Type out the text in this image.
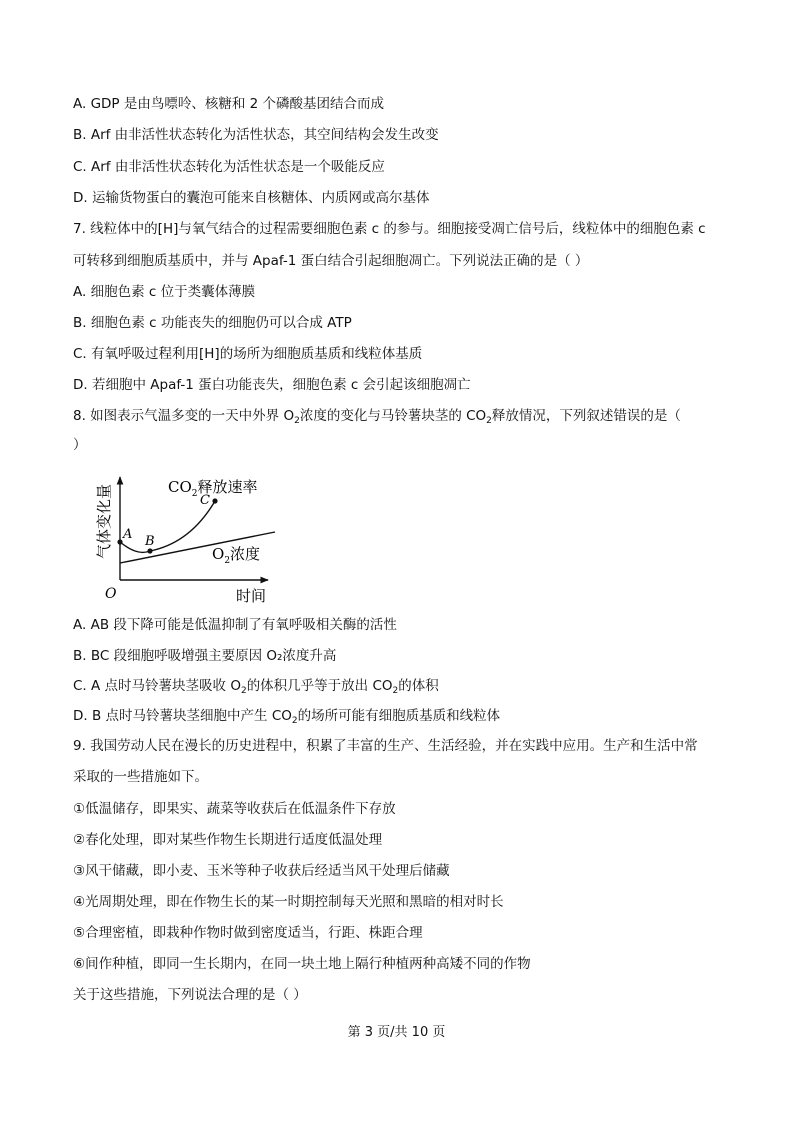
A. GDP 是由鸟嘌呤、核糖和 2 个磷酸基团结合而成
B. Arf 由非活性状态转化为活性状态，其空间结构会发生改变
C. Arf 由非活性状态转化为活性状态是一个吸能反应
D. 运输货物蛋白的囊泡可能来自核糖体、内质网或高尔基体
7. 线粒体中的[H]与氧气结合的过程需要细胞色素 c 的参与。细胞接受凋亡信号后，线粒体中的细胞色素 c
可转移到细胞质基质中，并与 Apaf-1 蛋白结合引起细胞凋亡。下列说法正确的是（ ）
A. 细胞色素 c 位于类囊体薄膜
B. 细胞色素 c 功能丧失的细胞仍可以合成 ATP
C. 有氧呼吸过程利用[H]的场所为细胞质基质和线粒体基质
D. 若细胞中 Apaf-1 蛋白功能丧失，细胞色素 c 会引起该细胞凋亡
8. 如图表示气温多变的一天中外界 $O_2$浓度的变化与马铃薯块茎的 $CO_2$释放情况，下列叙述错误的是（
）
A B
C
$CO_2$释放速率
$O_2$浓度
O	时间
气体变化量
A. AB 段下降可能是低温抑制了有氧呼吸相关酶的活性
B. BC 段细胞呼吸增强主要原因 O₂浓度升高
C. A 点时马铃薯块茎吸收 $O_2$的体积几乎等于放出 $CO_2$的体积
D. B 点时马铃薯块茎细胞中产生 $CO_2$的场所可能有细胞质基质和线粒体
9. 我国劳动人民在漫长的历史进程中，积累了丰富的生产、生活经验，并在实践中应用。生产和生活中常
采取的一些措施如下。
①低温储存，即果实、蔬菜等收获后在低温条件下存放
②春化处理，即对某些作物生长期进行适度低温处理
③风干储藏，即小麦、玉米等种子收获后经适当风干处理后储藏
④光周期处理，即在作物生长的某一时期控制每天光照和黑暗的相对时长
⑤合理密植，即栽种作物时做到密度适当，行距、株距合理
⑥间作种植，即同一生长期内，在同一块土地上隔行种植两种高矮不同的作物
关于这些措施，下列说法合理的是（ ）
第 3 页/共 10 页
